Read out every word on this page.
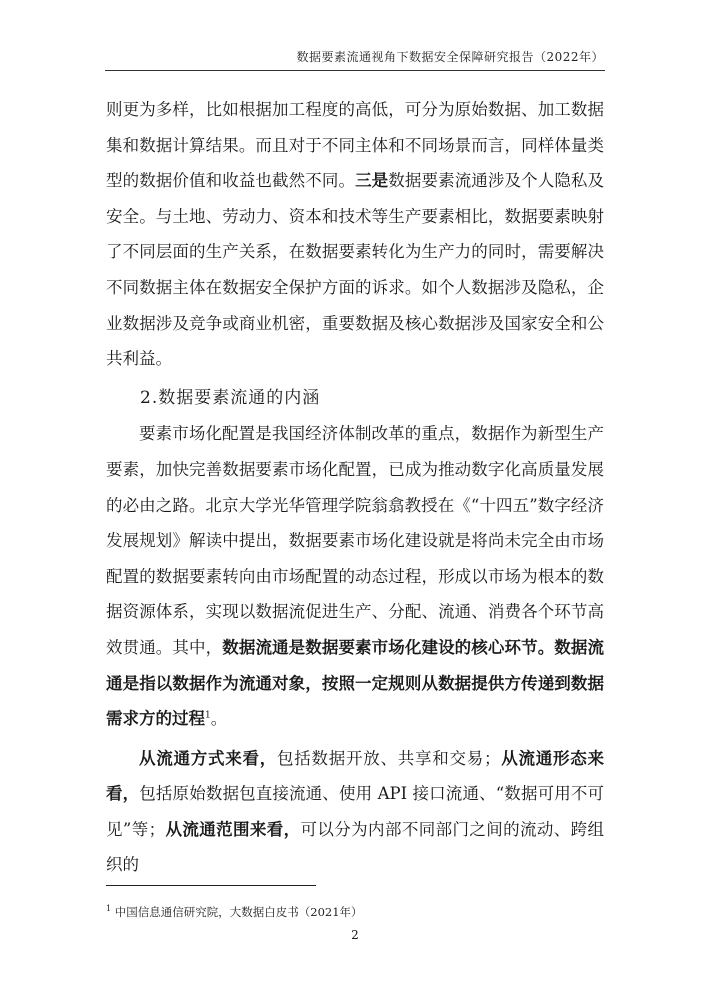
数据要素流通视角下数据安全保障研究报告（2022年）

则更为多样，比如根据加工程度的高低，可分为原始数据、加工数据集和数据计算结果。而且对于不同主体和不同场景而言，同样体量类型的数据价值和收益也截然不同。三是数据要素流通涉及个人隐私及安全。与土地、劳动力、资本和技术等生产要素相比，数据要素映射了不同层面的生产关系，在数据要素转化为生产力的同时，需要解决不同数据主体在数据安全保护方面的诉求。如个人数据涉及隐私，企业数据涉及竞争或商业机密，重要数据及核心数据涉及国家安全和公共利益。

2.数据要素流通的内涵

要素市场化配置是我国经济体制改革的重点，数据作为新型生产要素，加快完善数据要素市场化配置，已成为推动数字化高质量发展的必由之路。北京大学光华管理学院翁翕教授在《“十四五”数字经济发展规划》解读中提出，数据要素市场化建设就是将尚未完全由市场配置的数据要素转向由市场配置的动态过程，形成以市场为根本的数据资源体系，实现以数据流促进生产、分配、流通、消费各个环节高效贯通。其中，数据流通是数据要素市场化建设的核心环节。数据流通是指以数据作为流通对象，按照一定规则从数据提供方传递到数据需求方的过程$^1$。

从流通方式来看，包括数据开放、共享和交易；从流通形态来看，包括原始数据包直接流通、使用 API 接口流通、“数据可用不可见”等；从流通范围来看，可以分为内部不同部门之间的流动、跨组织的

$^1$ 中国信息通信研究院，大数据白皮书（2021年）
2
